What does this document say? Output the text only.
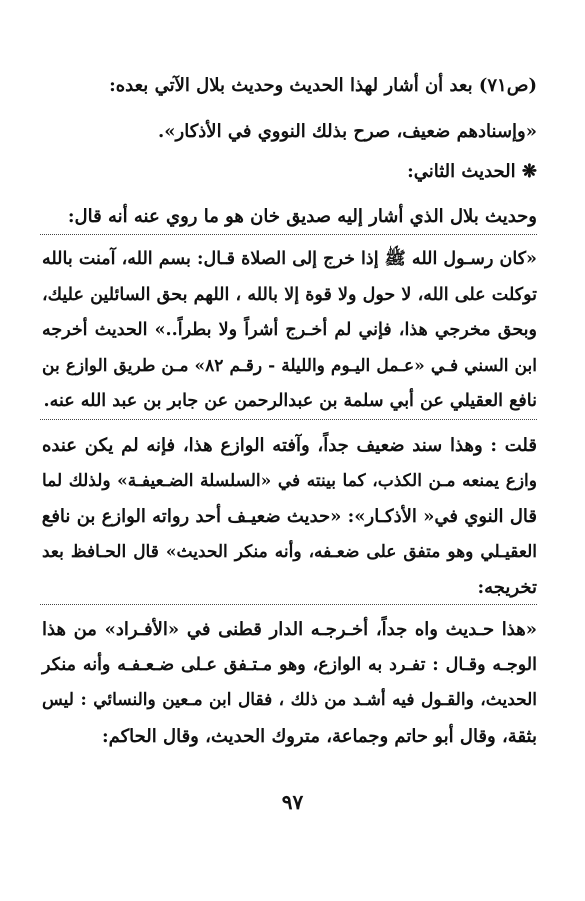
(ص٧١) بعد أن أشار لهذا الحديث وحديث بلال الآتي بعده:
«وإسنادهم ضعيف، صرح بذلك النووي في الأذكار».
❋ الحديث الثاني:
وحديث بلال الذي أشار إليه صديق خان هو ما روي عنه أنه قال:
«كان رسـول الله ﷺ إذا خرج إلى الصلاة قـال: بسم الله، آمنت بالله
توكلت على الله، لا حول ولا قوة إلا بالله ، اللهم بحق السائلين عليك،
وبحق مخرجي هذا، فإني لم أخـرج أشراً ولا بطراً..» الحديث أخرجه
ابن السني فـي «عـمل اليـوم والليلة - رقـم ٨٢» مـن طريق الوازع بن
نافع العقيلي عن أبي سلمة بن عبدالرحمن عن جابر بن عبد الله عنه.
قلت : وهذا سند ضعيف جداً، وآفته الوازع هذا، فإنه لم يكن عنده
وازع يمنعه مـن الكذب، كما بينته في «السلسلة الضـعيفـة» ولذلك لما
قال النوي في« الأذكـار»: «حديث ضعيـف أحد رواته الوازع بن نافع
العقيـلي وهو متفق على ضعـفه، وأنه منكر الحديث» قال الحـافظ بعد
تخريجه:
«هذا حـديث واه جداً، أخـرجـه الدار قطنى في «الأفـراد» من هذا
الوجـه وقـال : تفـرد به الوازع، وهو مـتـفق عـلى ضـعـفـه وأنه منكر
الحديث، والقـول فيه أشـد من ذلك ، فقال ابن مـعين والنسائي : ليس
بثقة، وقال أبو حاتم وجماعة، متروك الحديث، وقال الحاكم:
٩٧
